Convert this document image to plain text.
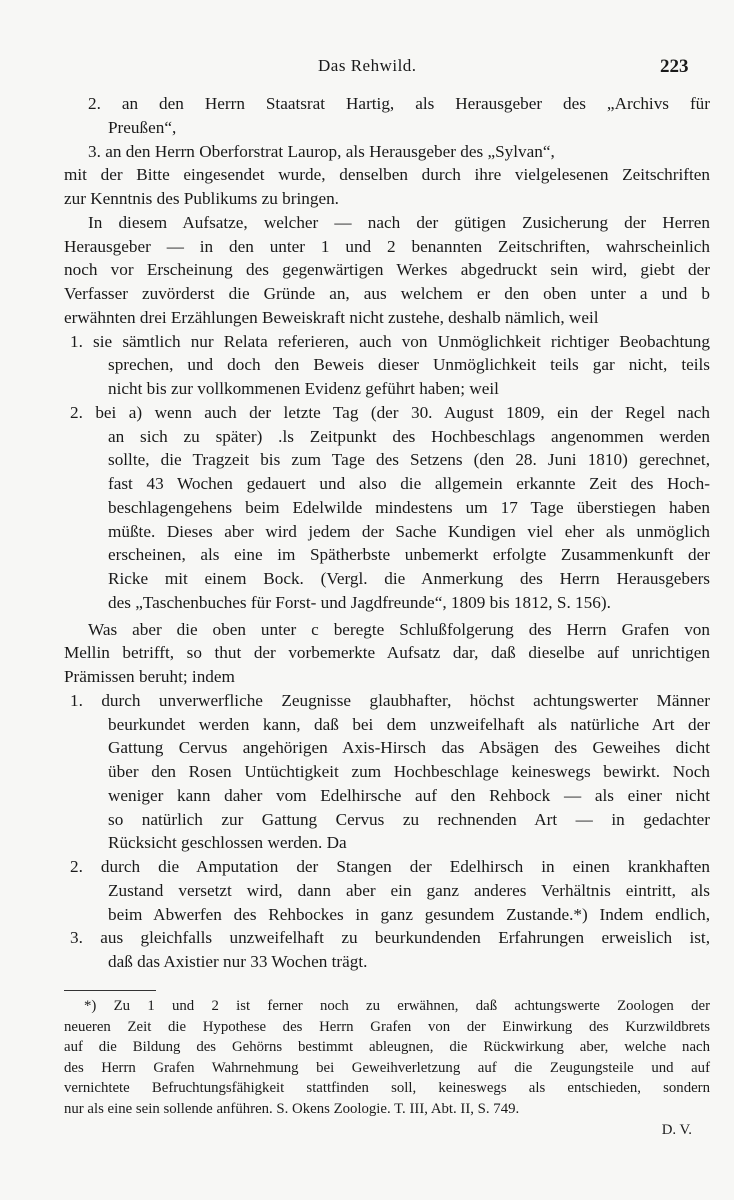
Das Rehwild.	223
2. an den Herrn Staatsrat Hartig, als Herausgeber des „Archivs für
Preußen“,
3. an den Herrn Oberforstrat Laurop, als Herausgeber des „Sylvan“,
mit der Bitte eingesendet wurde, denselben durch ihre vielgelesenen Zeitschriften
zur Kenntnis des Publikums zu bringen.
In diesem Aufsatze, welcher — nach der gütigen Zusicherung der Herren
Herausgeber — in den unter 1 und 2 benannten Zeitschriften, wahrscheinlich
noch vor Erscheinung des gegenwärtigen Werkes abgedruckt sein wird, giebt der
Verfasser zuvörderst die Gründe an, aus welchem er den oben unter a und b
erwähnten drei Erzählungen Beweiskraft nicht zustehe, deshalb nämlich, weil
1. sie sämtlich nur Relata referieren, auch von Unmöglichkeit richtiger Beobachtung
sprechen, und doch den Beweis dieser Unmöglichkeit teils gar nicht, teils
nicht bis zur vollkommenen Evidenz geführt haben; weil
2. bei a) wenn auch der letzte Tag (der 30. August 1809, ein der Regel nach
an sich zu später) .ls Zeitpunkt des Hochbeschlags angenommen werden
sollte, die Tragzeit bis zum Tage des Setzens (den 28. Juni 1810) gerechnet,
fast 43 Wochen gedauert und also die allgemein erkannte Zeit des Hoch-
beschlagengehens beim Edelwilde mindestens um 17 Tage überstiegen haben
müßte. Dieses aber wird jedem der Sache Kundigen viel eher als unmöglich
erscheinen, als eine im Spätherbste unbemerkt erfolgte Zusammenkunft der
Ricke mit einem Bock. (Vergl. die Anmerkung des Herrn Herausgebers
des „Taschenbuches für Forst- und Jagdfreunde“, 1809 bis 1812, S. 156).
Was aber die oben unter c beregte Schlußfolgerung des Herrn Grafen von
Mellin betrifft, so thut der vorbemerkte Aufsatz dar, daß dieselbe auf unrichtigen
Prämissen beruht; indem
1. durch unverwerfliche Zeugnisse glaubhafter, höchst achtungswerter Männer
beurkundet werden kann, daß bei dem unzweifelhaft als natürliche Art der
Gattung Cervus angehörigen Axis-Hirsch das Absägen des Geweihes dicht
über den Rosen Untüchtigkeit zum Hochbeschlage keineswegs bewirkt. Noch
weniger kann daher vom Edelhirsche auf den Rehbock — als einer nicht
so natürlich zur Gattung Cervus zu rechnenden Art — in gedachter
Rücksicht geschlossen werden. Da
2. durch die Amputation der Stangen der Edelhirsch in einen krankhaften
Zustand versetzt wird, dann aber ein ganz anderes Verhältnis eintritt, als
beim Abwerfen des Rehbockes in ganz gesundem Zustande.*) Indem endlich,
3. aus gleichfalls unzweifelhaft zu beurkundenden Erfahrungen erweislich ist,
daß das Axistier nur 33 Wochen trägt.
*) Zu 1 und 2 ist ferner noch zu erwähnen, daß achtungswerte Zoologen der
neueren Zeit die Hypothese des Herrn Grafen von der Einwirkung des Kurzwildbrets
auf die Bildung des Gehörns bestimmt ableugnen, die Rückwirkung aber, welche nach
des Herrn Grafen Wahrnehmung bei Geweihverletzung auf die Zeugungsteile und auf
vernichtete Befruchtungsfähigkeit stattfinden soll, keineswegs als entschieden, sondern
nur als eine sein sollende anführen. S. Okens Zoologie. T. III, Abt. II, S. 749.
D. V.
